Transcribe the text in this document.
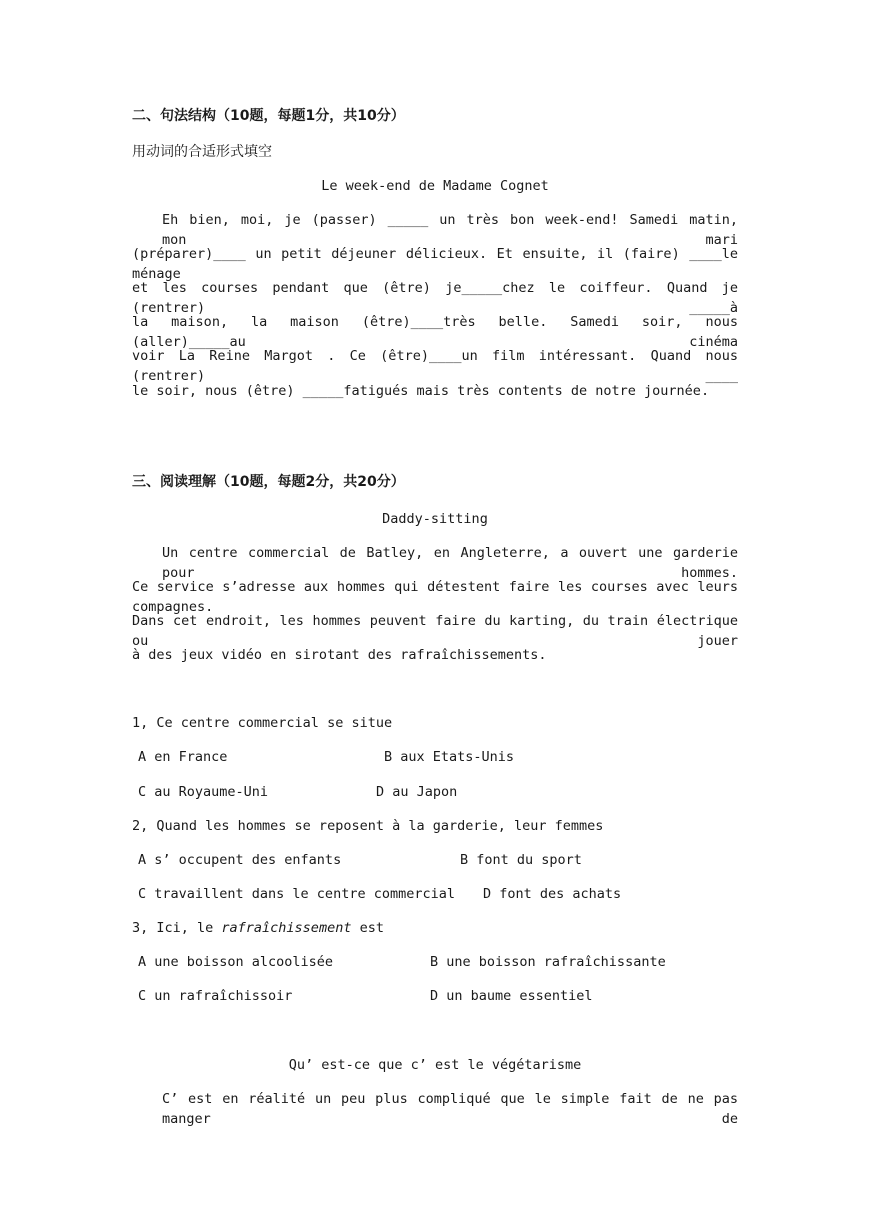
二、句法结构（10题，每题1分，共10分）
用动词的合适形式填空
Le week-end de Madame Cognet
Eh bien, moi, je (passer) _____ un très bon week-end! Samedi matin, mon mari
(préparer)____ un petit déjeuner délicieux. Et ensuite, il (faire) ____le ménage
et les courses pendant que (être) je_____chez le coiffeur. Quand je (rentrer) _____à
la maison, la maison (être)____très belle. Samedi soir, nous (aller)_____au cinéma
voir La Reine Margot . Ce (être)____un film intéressant. Quand nous (rentrer) ____
le soir, nous (être) _____fatigués mais très contents de notre journée.
三、阅读理解（10题，每题2分，共20分）
Daddy-sitting
Un centre commercial de Batley, en Angleterre, a ouvert une garderie pour hommes.
Ce service s’adresse aux hommes qui détestent faire les courses avec leurs compagnes.
Dans cet endroit, les hommes peuvent faire du karting, du train électrique ou jouer
à des jeux vidéo en sirotant des rafraîchissements.
1, Ce centre commercial se situe
A en France	B aux Etats-Unis
C au Royaume-Uni	D au Japon
2, Quand les hommes se reposent à la garderie, leur femmes
A s’ occupent des enfants	B font du sport
C travaillent dans le centre commercial D font des achats
3, Ici, le rafraîchissement est
A une boisson alcoolisée	B une boisson rafraîchissante
C un rafraîchissoir	D un baume essentiel
Qu’ est-ce que c’ est le végétarisme
C’ est en réalité un peu plus compliqué que le simple fait de ne pas manger de
